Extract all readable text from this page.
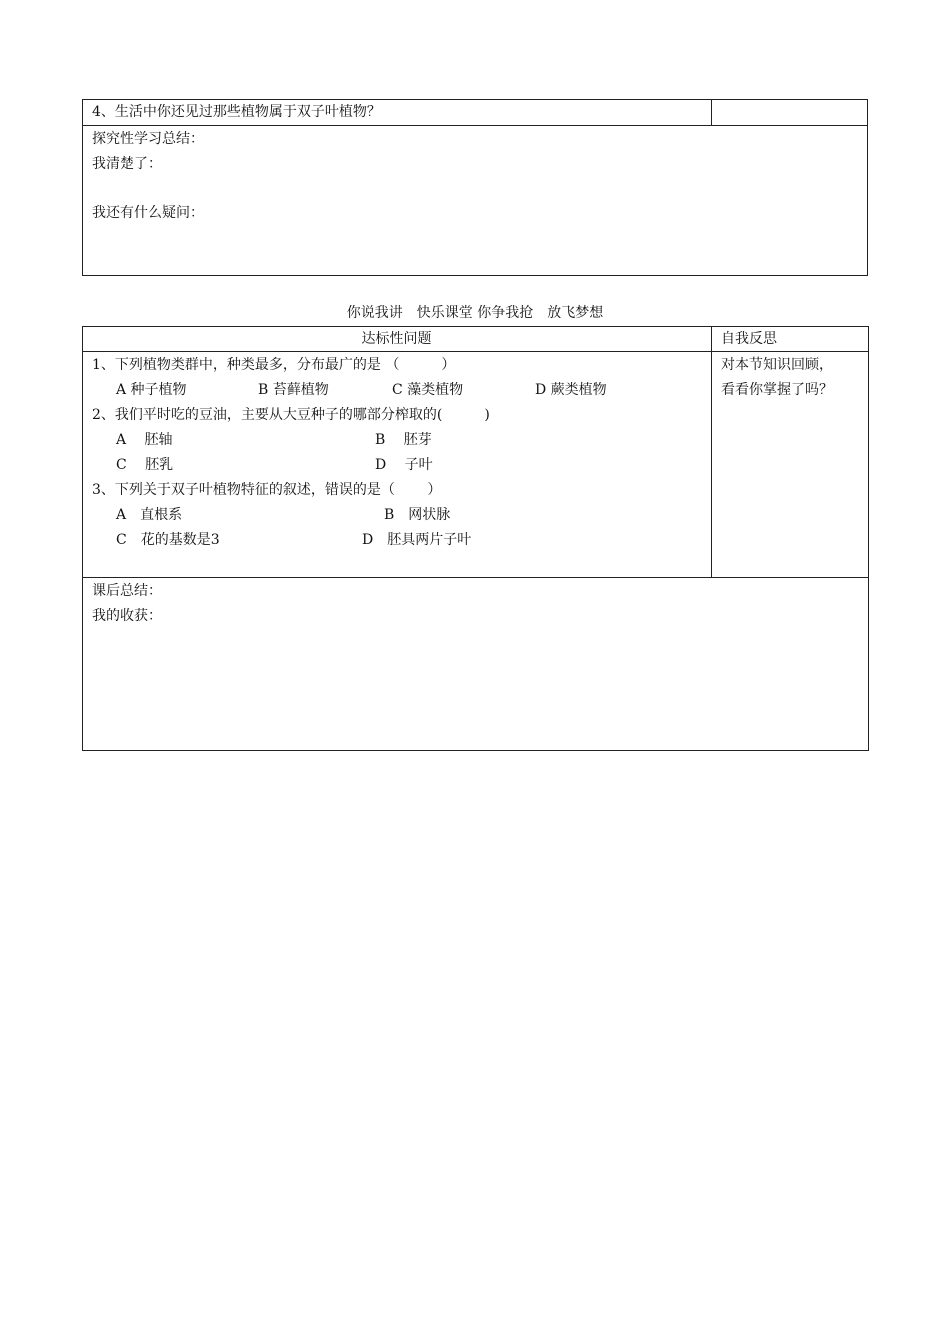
4、生活中你还见过那些植物属于双子叶植物？
探究性学习总结：
我清楚了：
我还有什么疑问：
你说我讲　快乐课堂 你争我抢　放飞梦想
达标性问题	自我反思
对本节知识回顾，
看看你掌握了吗？
1、下列植物类群中，种类最多，分布最广的是 （　　　）
A 种子植物	B 苔藓植物	C 藻类植物	D 蕨类植物
2、我们平时吃的豆油，主要从大豆种子的哪部分榨取的(　　　)
A　 胚轴	B　 胚芽
C　 胚乳	D　 子叶
3、下列关于双子叶植物特征的叙述，错误的是（　　 ）
A　直根系	B　网状脉
C　花的基数是3	D　胚具两片子叶
课后总结：
我的收获：
